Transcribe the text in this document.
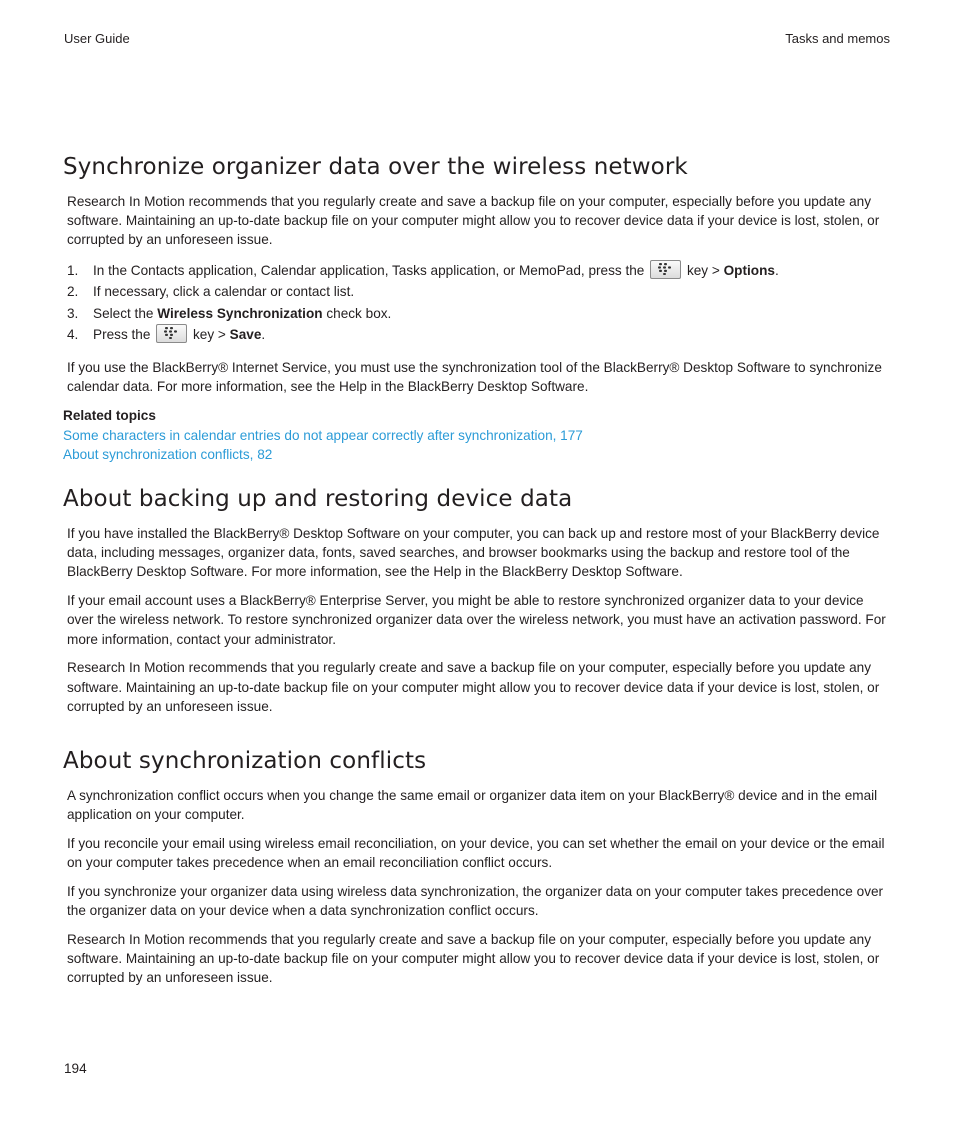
User Guide	Tasks and memos
Synchronize organizer data over the wireless network

Research In Motion recommends that you regularly create and save a backup file on your computer, especially before you update any software. Maintaining an up-to-date backup file on your computer might allow you to recover device data if your device is lost, stolen, or corrupted by an unforeseen issue.

1. In the Contacts application, Calendar application, Tasks application, or MemoPad, press the	key > Options.
2. If necessary, click a calendar or contact list.
3. Select the Wireless Synchronization check box.
4. Press the	key > Save.

If you use the BlackBerry® Internet Service, you must use the synchronization tool of the BlackBerry® Desktop Software to synchronize calendar data. For more information, see the Help in the BlackBerry Desktop Software.

Related topics
Some characters in calendar entries do not appear correctly after synchronization, 177
About synchronization conflicts, 82
About backing up and restoring device data

If you have installed the BlackBerry® Desktop Software on your computer, you can back up and restore most of your BlackBerry device data, including messages, organizer data, fonts, saved searches, and browser bookmarks using the backup and restore tool of the BlackBerry Desktop Software. For more information, see the Help in the BlackBerry Desktop Software.

If your email account uses a BlackBerry® Enterprise Server, you might be able to restore synchronized organizer data to your device over the wireless network. To restore synchronized organizer data over the wireless network, you must have an activation password. For more information, contact your administrator.

Research In Motion recommends that you regularly create and save a backup file on your computer, especially before you update any software. Maintaining an up-to-date backup file on your computer might allow you to recover device data if your device is lost, stolen, or corrupted by an unforeseen issue.

About synchronization conflicts

A synchronization conflict occurs when you change the same email or organizer data item on your BlackBerry® device and in the email application on your computer.

If you reconcile your email using wireless email reconciliation, on your device, you can set whether the email on your device or the email on your computer takes precedence when an email reconciliation conflict occurs.

If you synchronize your organizer data using wireless data synchronization, the organizer data on your computer takes precedence over the organizer data on your device when a data synchronization conflict occurs.

Research In Motion recommends that you regularly create and save a backup file on your computer, especially before you update any software. Maintaining an up-to-date backup file on your computer might allow you to recover device data if your device is lost, stolen, or corrupted by an unforeseen issue.

194
